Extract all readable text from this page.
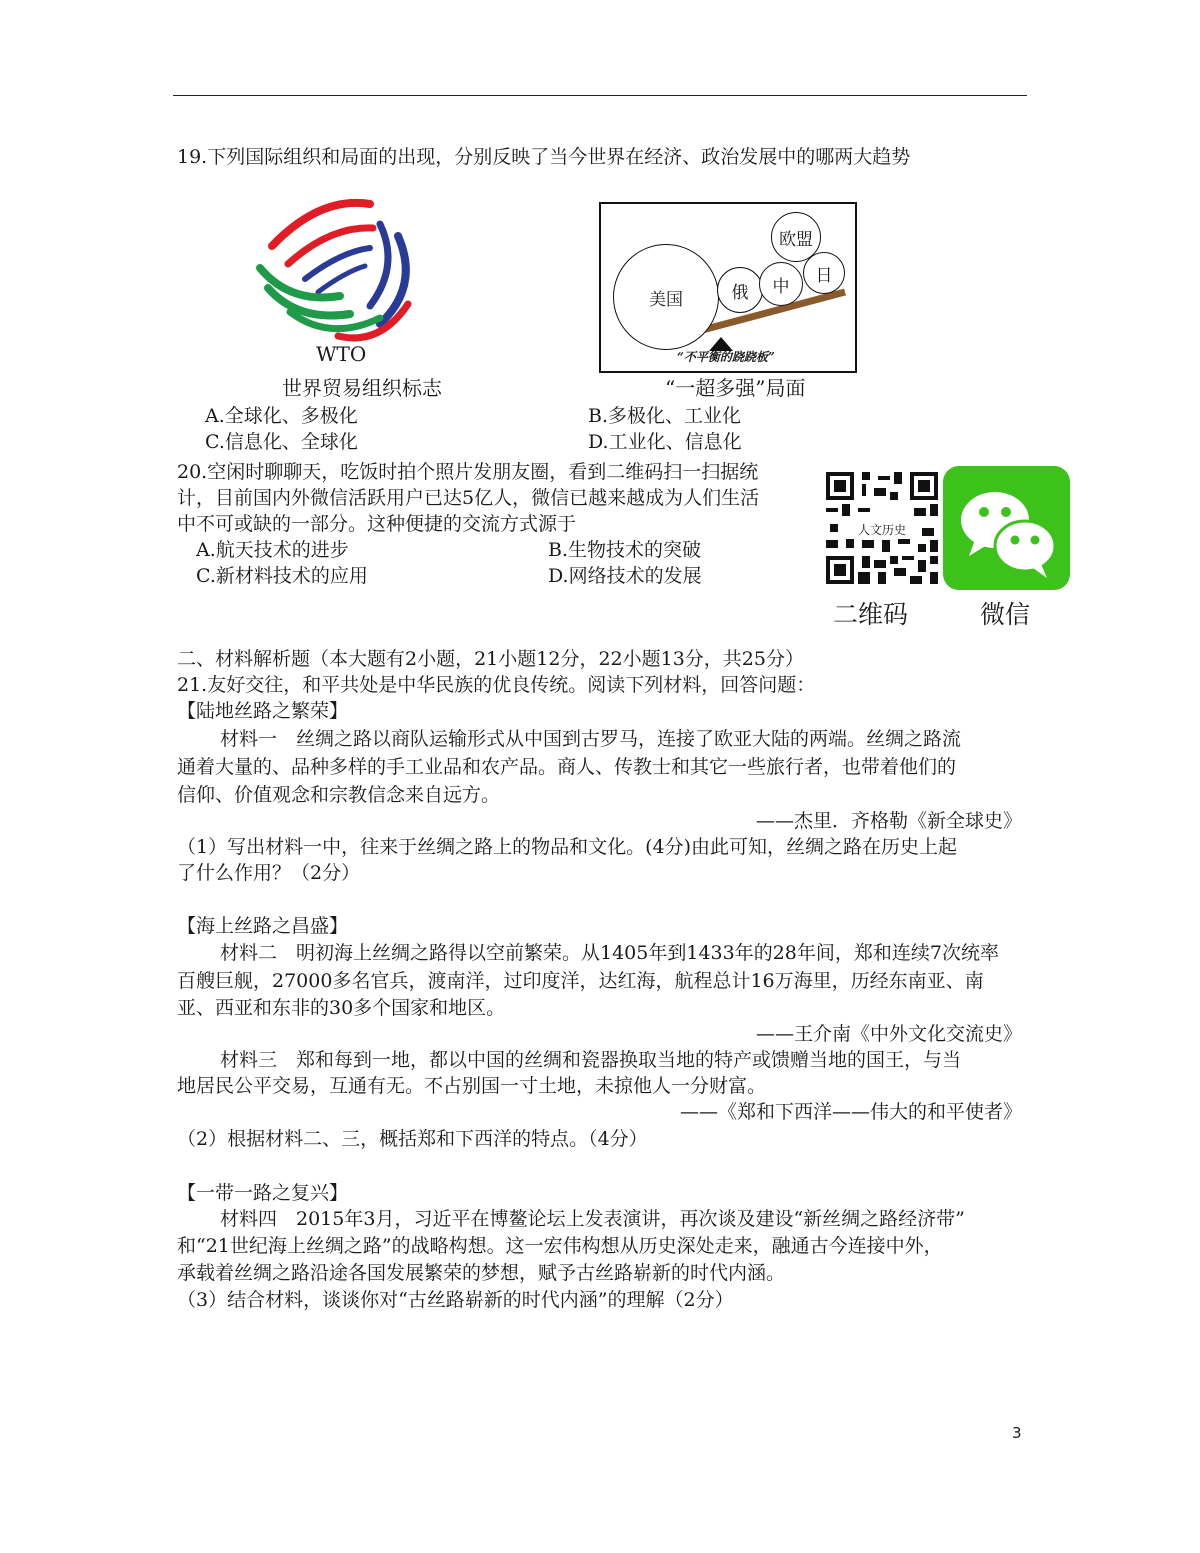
19.下列国际组织和局面的出现，分别反映了当今世界在经济、政治发展中的哪两大趋势
WTO
美国	俄	中
欧盟
日
“不平衡的跷跷板”
世界贸易组织标志	“一超多强”局面
A.全球化、多极化	B.多极化、工业化
C.信息化、全球化	D.工业化、信息化
20.空闲时聊聊天，吃饭时拍个照片发朋友圈，看到二维码扫一扫据统
计，目前国内外微信活跃用户已达5亿人，微信已越来越成为人们生活
中不可或缺的一部分。这种便捷的交流方式源于
A.航天技术的进步	B.生物技术的突破
C.新材料技术的应用	D.网络技术的发展
人文历史
二维码	微信
二、材料解析题（本大题有2小题，21小题12分，22小题13分，共25分）
21.友好交往，和平共处是中华民族的优良传统。阅读下列材料，回答问题：
【陆地丝路之繁荣】
材料一　丝绸之路以商队运输形式从中国到古罗马，连接了欧亚大陆的两端。丝绸之路流
通着大量的、品种多样的手工业品和农产品。商人、传教士和其它一些旅行者，也带着他们的
信仰、价值观念和宗教信念来自远方。
——杰里．齐格勒《新全球史》
（1）写出材料一中，往来于丝绸之路上的物品和文化。(4分)由此可知，丝绸之路在历史上起
了什么作用？（2分）
【海上丝路之昌盛】
材料二　明初海上丝绸之路得以空前繁荣。从1405年到1433年的28年间，郑和连续7次统率
百艘巨舰，27000多名官兵，渡南洋，过印度洋，达红海，航程总计16万海里，历经东南亚、南
亚、西亚和东非的30多个国家和地区。
——王介南《中外文化交流史》
材料三　郑和每到一地，都以中国的丝绸和瓷器换取当地的特产或馈赠当地的国王，与当
地居民公平交易，互通有无。不占别国一寸土地，未掠他人一分财富。
——《郑和下西洋——伟大的和平使者》
（2）根据材料二、三，概括郑和下西洋的特点。（4分）
【一带一路之复兴】
材料四　2015年3月，习近平在博鳌论坛上发表演讲，再次谈及建设“新丝绸之路经济带”
和“21世纪海上丝绸之路”的战略构想。这一宏伟构想从历史深处走来，融通古今连接中外，
承载着丝绸之路沿途各国发展繁荣的梦想，赋予古丝路崭新的时代内涵。
（3）结合材料，谈谈你对“古丝路崭新的时代内涵”的理解（2分）
3
